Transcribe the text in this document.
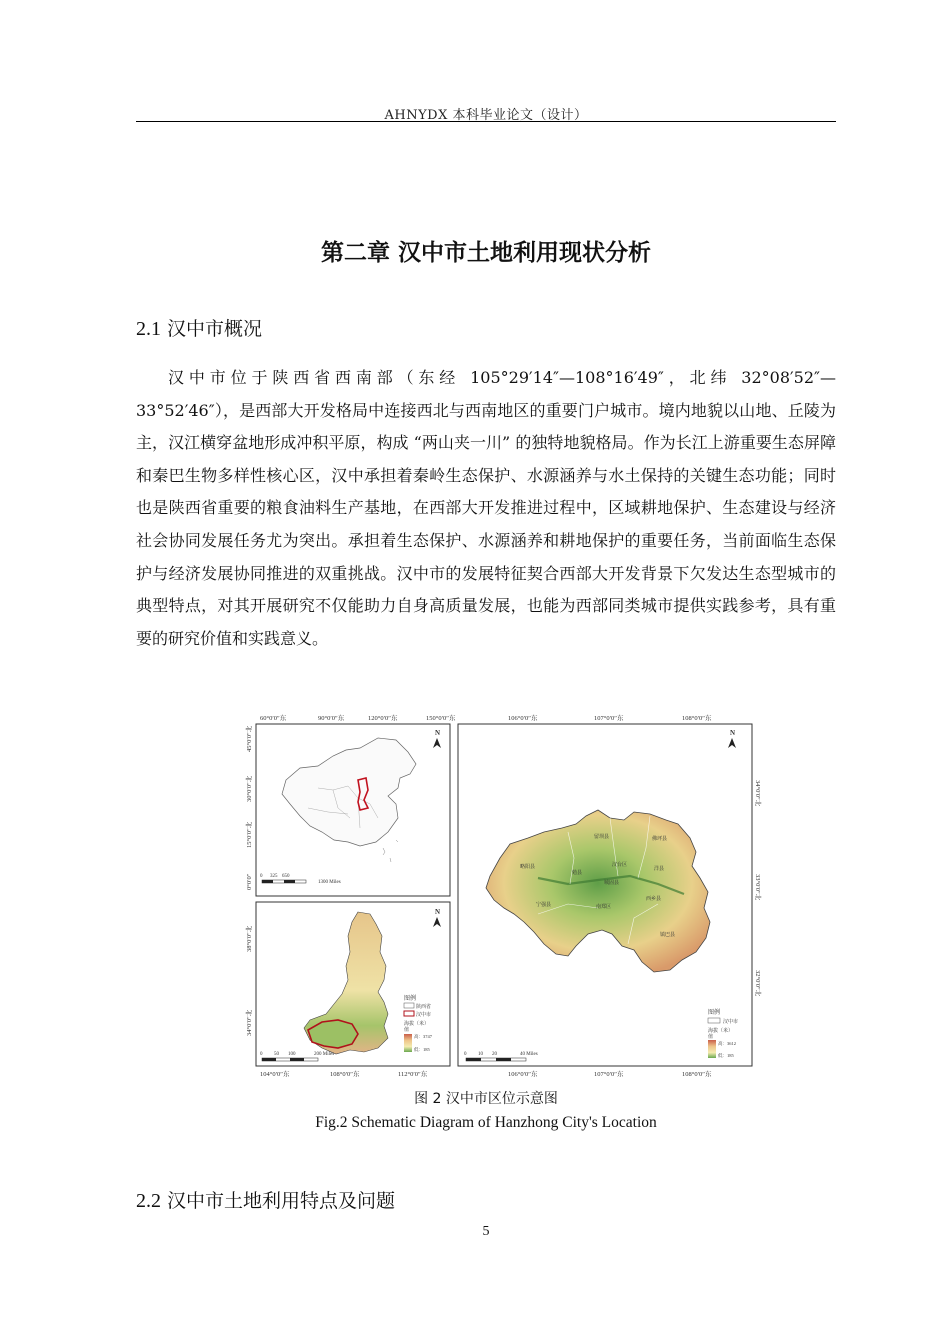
AHNYDX 本科毕业论文（设计）
第二章 汉中市土地利用现状分析
2.1 汉中市概况

汉中市位于陕西省西南部（东经 105°29′14″—108°16′49″，北纬 32°08′52″—33°52′46″），是西部大开发格局中连接西北与西南地区的重要门户城市。境内地貌以山地、丘陵为主，汉江横穿盆地形成冲积平原，构成 “两山夹一川” 的独特地貌格局。作为长江上游重要生态屏障和秦巴生物多样性核心区，汉中承担着秦岭生态保护、水源涵养与水土保持的关键生态功能；同时也是陕西省重要的粮食油料生产基地，在西部大开发推进过程中，区域耕地保护、生态建设与经济社会协同发展任务尤为突出。承担着生态保护、水源涵养和耕地保护的重要任务，当前面临生态保护与经济发展协同推进的双重挑战。汉中市的发展特征契合西部大开发背景下欠发达生态型城市的典型特点，对其开展研究不仅能助力自身高质量发展，也能为西部同类城市提供实践参考，具有重要的研究价值和实践意义。

60°0′0″东	90°0′0″东	120°0′0″东	150°0′0″东
45°0′0″北
30°0′0″北
15°0′0″北
0°0′0″
N
0 325 650
1300 Miles
38°0′0″北
34°0′0″北
104°0′0″东	108°0′0″东	112°0′0″东
N
图例
陕西省
汉中市
海拔（米）
值
高：3747
低：185
0 50 100	200 Miles
106°0′0″东	107°0′0″东	108°0′0″东
106°0′0″东	107°0′0″东	108°0′0″东
34°0′0″北
33°0′0″北
32°0′0″北
留坝县	佛坪县
略阳县
勉县
汉台区
城固县
洋县
宁强县	南郑区
西乡县
镇巴县
N
图例
汉中市
海拔（米）
值
高：3612
低：185
0 10 20	40 Miles
图 2 汉中市区位示意图
Fig.2 Schematic Diagram of Hanzhong City's Location
2.2 汉中市土地利用特点及问题
5
